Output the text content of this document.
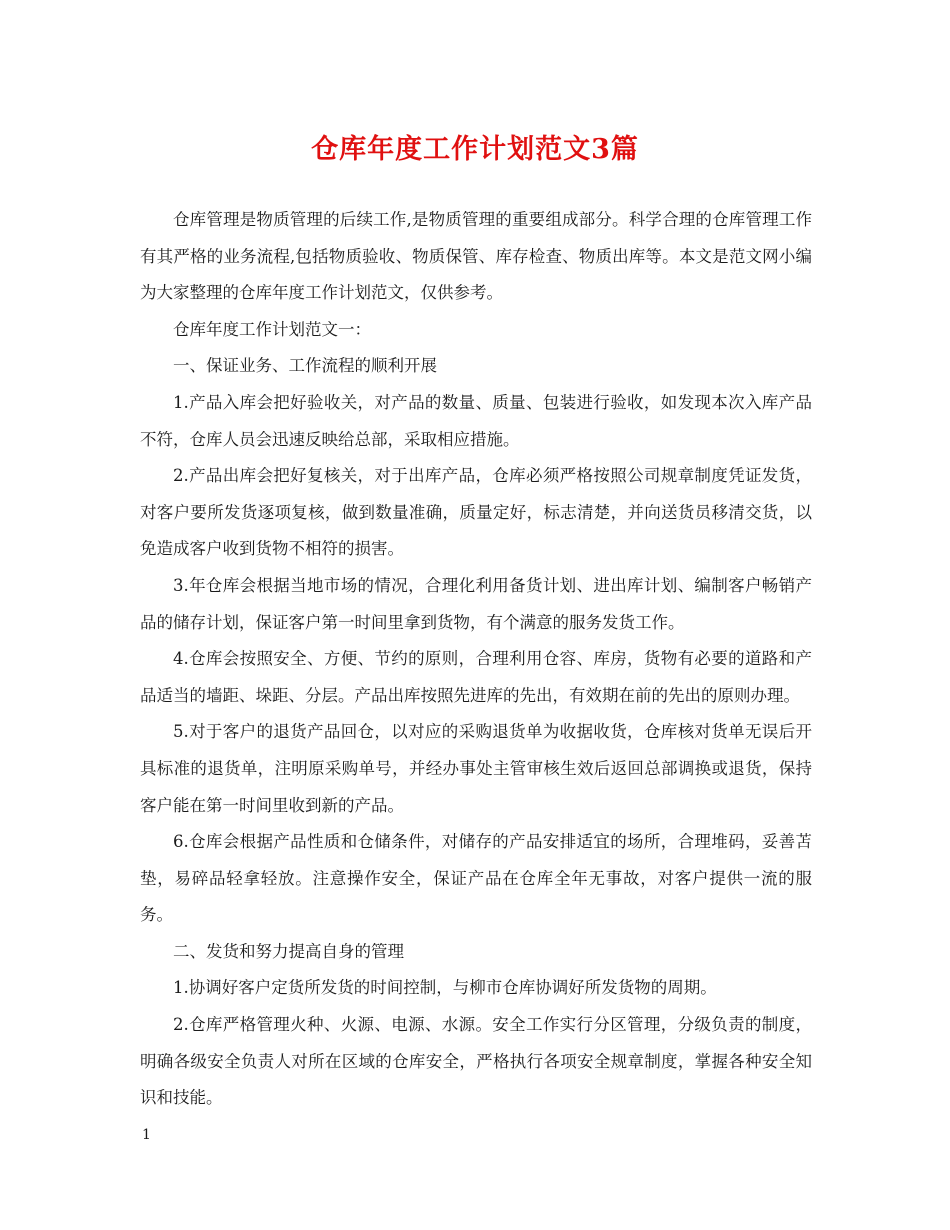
仓库年度工作计划范文3篇

仓库管理是物质管理的后续工作,是物质管理的重要组成部分。科学合理的仓库管理工作有其严格的业务流程,包括物质验收、物质保管、库存检查、物质出库等。本文是范文网小编为大家整理的仓库年度工作计划范文，仅供参考。

仓库年度工作计划范文一：

一、保证业务、工作流程的顺利开展

1.产品入库会把好验收关，对产品的数量、质量、包装进行验收，如发现本次入库产品不符，仓库人员会迅速反映给总部，采取相应措施。

2.产品出库会把好复核关，对于出库产品，仓库必须严格按照公司规章制度凭证发货，对客户要所发货逐项复核，做到数量准确，质量定好，标志清楚，并向送货员移清交货，以免造成客户收到货物不相符的损害。

3.年仓库会根据当地市场的情况，合理化利用备货计划、进出库计划、编制客户畅销产品的储存计划，保证客户第一时间里拿到货物，有个满意的服务发货工作。

4.仓库会按照安全、方便、节约的原则，合理利用仓容、库房，货物有必要的道路和产品适当的墙距、垛距、分层。产品出库按照先进库的先出，有效期在前的先出的原则办理。

5.对于客户的退货产品回仓，以对应的采购退货单为收据收货，仓库核对货单无误后开具标准的退货单，注明原采购单号，并经办事处主管审核生效后返回总部调换或退货，保持客户能在第一时间里收到新的产品。

6.仓库会根据产品性质和仓储条件，对储存的产品安排适宜的场所，合理堆码，妥善苫垫，易碎品轻拿轻放。注意操作安全，保证产品在仓库全年无事故，对客户提供一流的服务。

二、发货和努力提高自身的管理

1.协调好客户定货所发货的时间控制，与柳市仓库协调好所发货物的周期。

2.仓库严格管理火种、火源、电源、水源。安全工作实行分区管理，分级负责的制度，明确各级安全负责人对所在区域的仓库安全，严格执行各项安全规章制度，掌握各种安全知识和技能。

1
